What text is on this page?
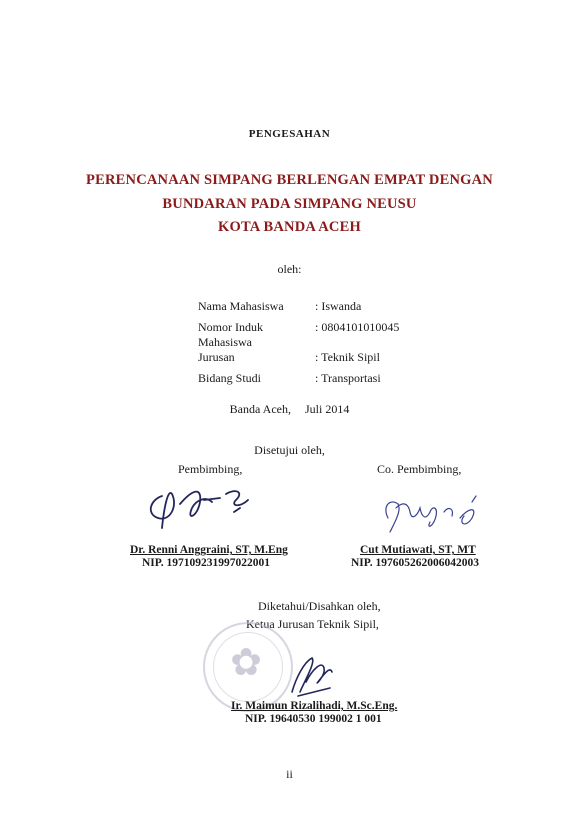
PENGESAHAN
PERENCANAAN SIMPANG BERLENGAN EMPAT DENGAN
BUNDARAN PADA SIMPANG NEUSU
KOTA BANDA ACEH
oleh:
Nama Mahasiswa	: Iswanda
Nomor Induk Mahasiswa	: 0804101010045
Jurusan	: Teknik Sipil
Bidang Studi	: Transportasi
Banda Aceh, Juli 2014
Disetujui oleh,
Pembimbing,	Co. Pembimbing,
Dr. Renni Anggraini, ST, M.Eng
NIP. 197109231997022001
Cut Mutiawati, ST, MT
NIP. 197605262006042003
Diketahui/Disahkan oleh,
Ketua Jurusan Teknik Sipil,
✿
Ir. Maimun Rizalihadi, M.Sc.Eng.
NIP. 19640530 199002 1 001
ii
